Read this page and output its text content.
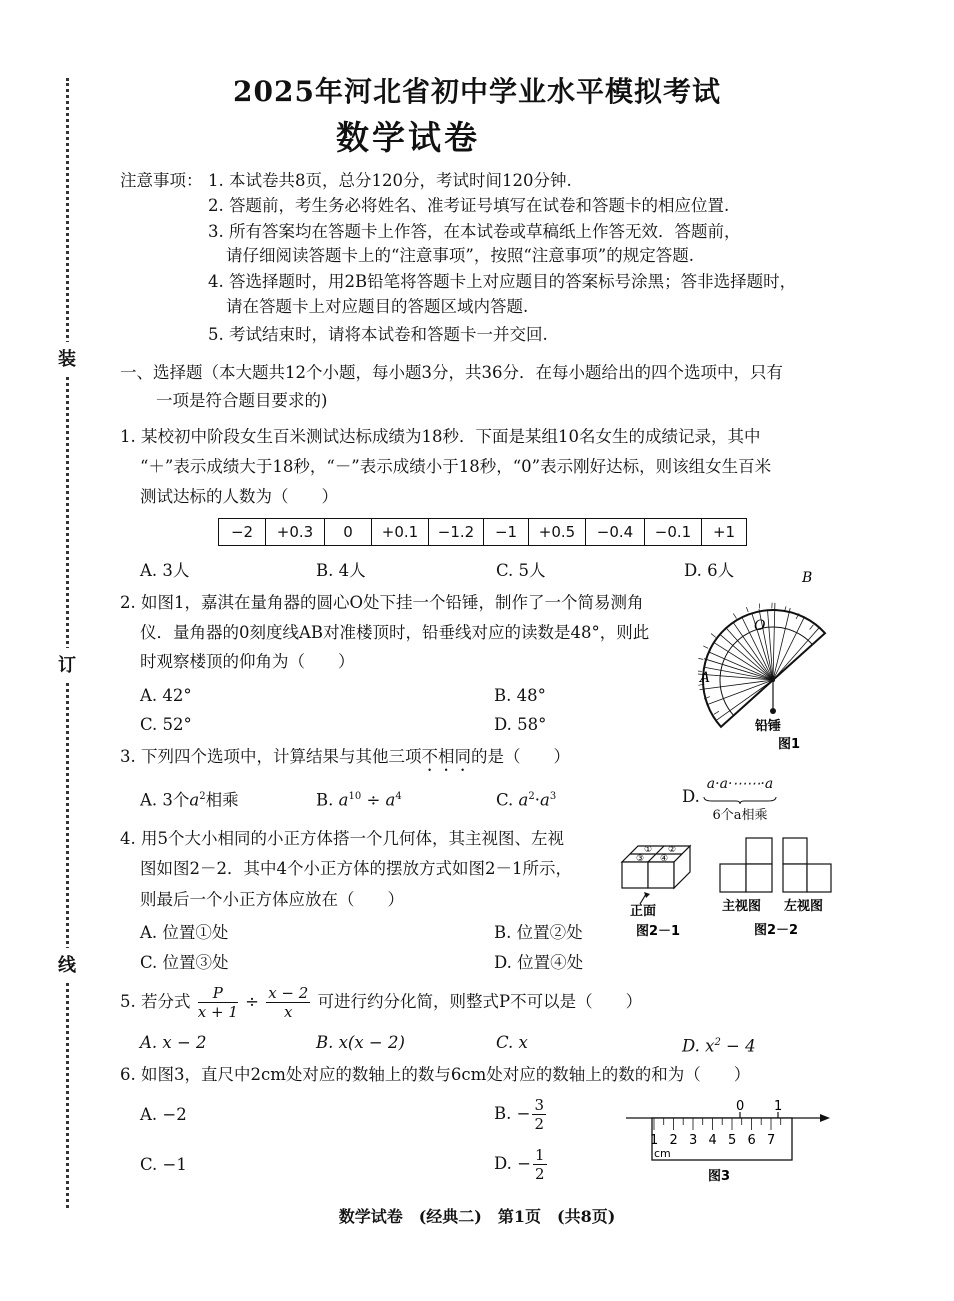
装
订
线
2025年河北省初中学业水平模拟考试
数学试卷
注意事项： 1. 本试卷共8页，总分120分，考试时间120分钟.
2. 答题前，考生务必将姓名、准考证号填写在试卷和答题卡的相应位置.
3. 所有答案均在答题卡上作答，在本试卷或草稿纸上作答无效．答题前，
请仔细阅读答题卡上的“注意事项”，按照“注意事项”的规定答题.
4. 答选择题时，用2B铅笔将答题卡上对应题目的答案标号涂黑；答非选择题时，
请在答题卡上对应题目的答题区域内答题.
5. 考试结束时，请将本试卷和答题卡一并交回.
一、选择题（本大题共12个小题，每小题3分，共36分．在每小题给出的四个选项中，只有
一项是符合题目要求的)
1. 某校初中阶段女生百米测试达标成绩为18秒．下面是某组10名女生的成绩记录，其中
“＋”表示成绩大于18秒，“－”表示成绩小于18秒，“0”表示刚好达标，则该组女生百米
测试达标的人数为（　　）
−2	+0.3	0	+0.1	−1.2	−1	+0.5	−0.4	−0.1	+1
A. 3人	B. 4人	C. 5人	D. 6人
2. 如图1，嘉淇在量角器的圆心O处下挂一个铅锤，制作了一个简易测角
仪．量角器的0刻度线AB对准楼顶时，铅垂线对应的读数是48°，则此
时观察楼顶的仰角为（　　）
A. 42°	B. 48°
C. 52°	D. 58°
A
B
O
铅锤
图1
3. 下列四个选项中，计算结果与其他三项不相同的是（　　）
A. 3个$a^2$相乘	B. $a^{10} \div a^4$	C. $a^2\cdot a^3$	D.
a·a·⋯⋯·a
6个a相乘
4. 用5个大小相同的小正方体搭一个几何体，其主视图、左视
图如图2－2．其中4个小正方体的摆放方式如图2－1所示，
则最后一个小正方体应放在（　　）
A. 位置①处	B. 位置②处
C. 位置③处	D. 位置④处
① ②
③ ④
正面
图2－1
主视图 左视图
图2－2
5. 若分式 $\frac{P}{x + 1} \div \frac{x - 2}{x}$ 可进行约分化简，则整式P不可以是（　　）
A. x − 2	B. x(x − 2)	C. x	D. $x^2 - 4$
6. 如图3，直尺中2cm处对应的数轴上的数与6cm处对应的数轴上的数的和为（　　）
A. −2	B. − $\frac{3}{2}$
C. −1	D. − $\frac{1}{2}$
0 1
1 2 3 4 5 6 7
cm
图3
数学试卷　(经典二)　第1页　(共8页)
